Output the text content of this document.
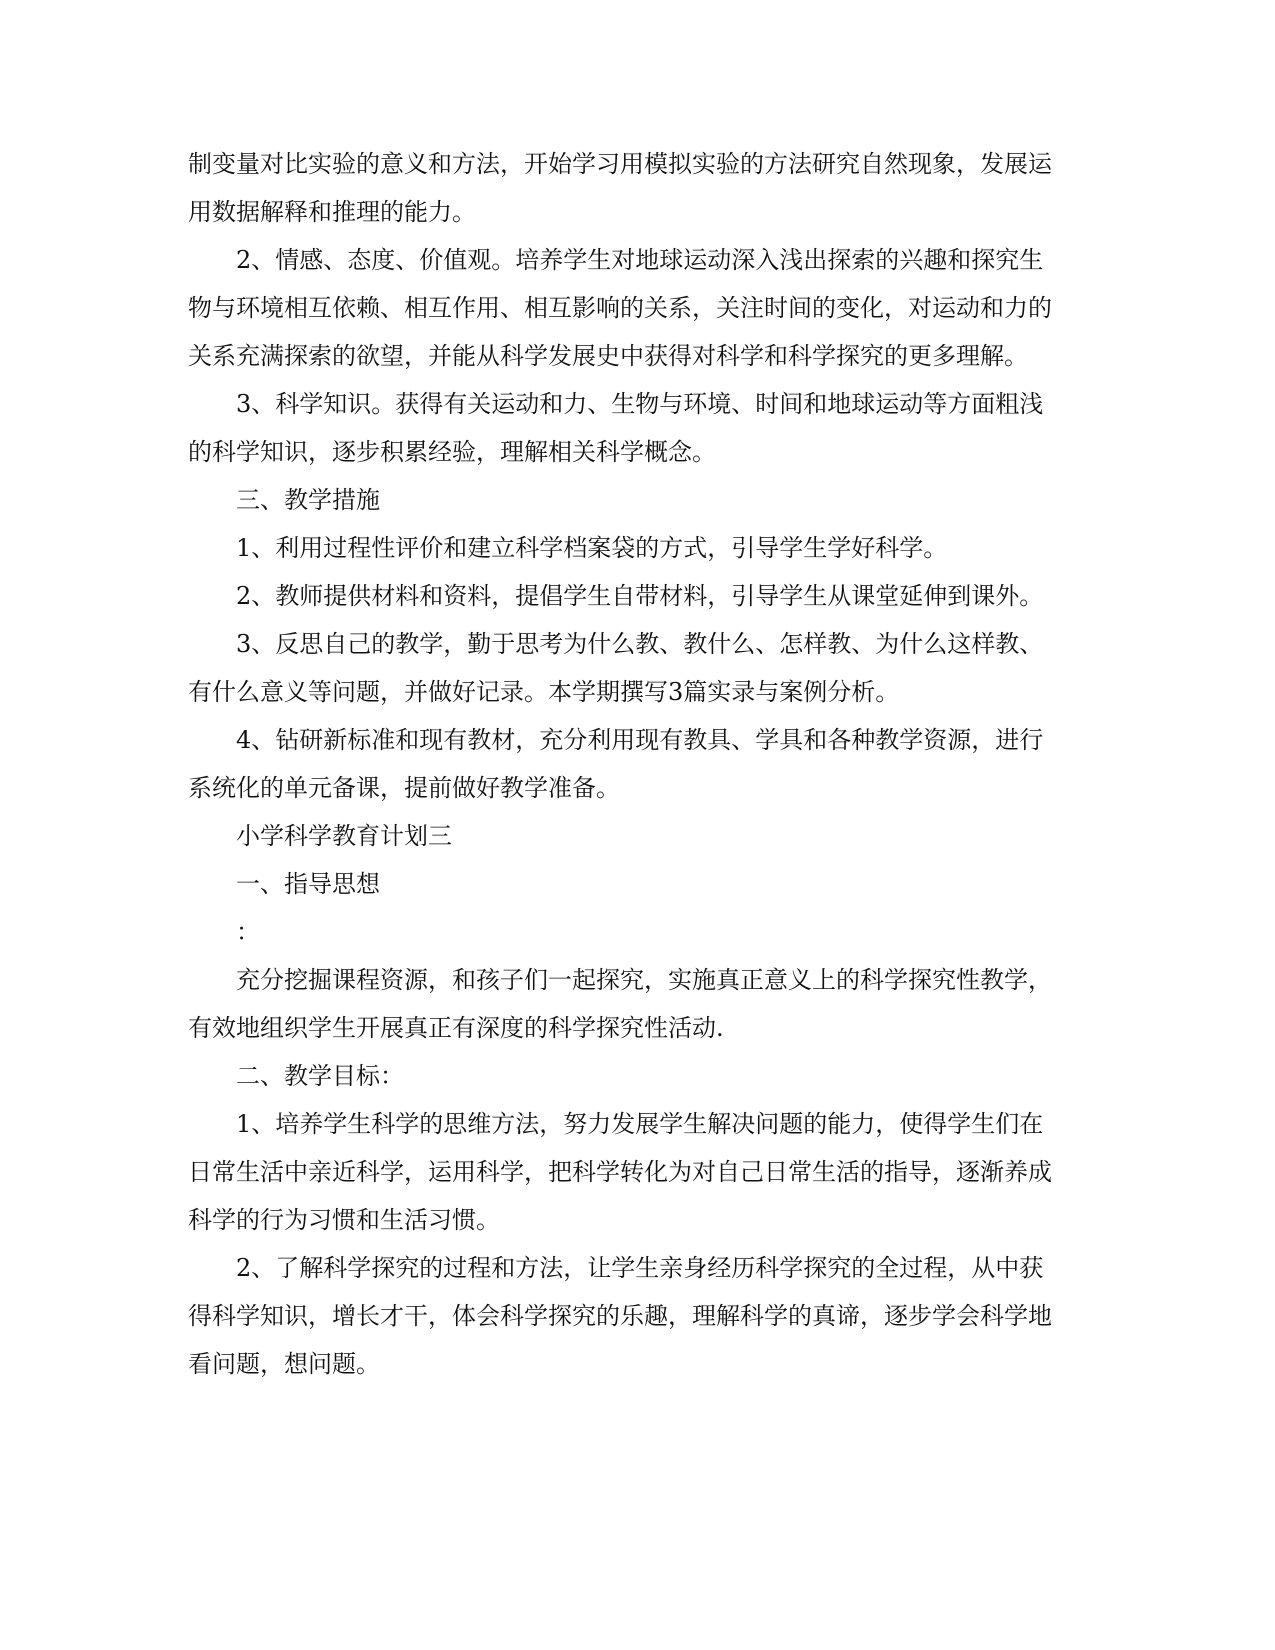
制变量对比实验的意义和方法，开始学习用模拟实验的方法研究自然现象，发展运
用数据解释和推理的能力。
2、情感、态度、价值观。培养学生对地球运动深入浅出探索的兴趣和探究生
物与环境相互依赖、相互作用、相互影响的关系，关注时间的变化，对运动和力的
关系充满探索的欲望，并能从科学发展史中获得对科学和科学探究的更多理解。
3、科学知识。获得有关运动和力、生物与环境、时间和地球运动等方面粗浅
的科学知识，逐步积累经验，理解相关科学概念。
三、教学措施
1、利用过程性评价和建立科学档案袋的方式，引导学生学好科学。
2、教师提供材料和资料，提倡学生自带材料，引导学生从课堂延伸到课外。
3、反思自己的教学，勤于思考为什么教、教什么、怎样教、为什么这样教、
有什么意义等问题，并做好记录。本学期撰写3篇实录与案例分析。
4、钻研新标准和现有教材，充分利用现有教具、学具和各种教学资源，进行
系统化的单元备课，提前做好教学准备。
小学科学教育计划三
一、指导思想
：
充分挖掘课程资源，和孩子们一起探究，实施真正意义上的科学探究性教学，
有效地组织学生开展真正有深度的科学探究性活动.
二、教学目标：
1、培养学生科学的思维方法，努力发展学生解决问题的能力，使得学生们在
日常生活中亲近科学，运用科学，把科学转化为对自己日常生活的指导，逐渐养成
科学的行为习惯和生活习惯。
2、了解科学探究的过程和方法，让学生亲身经历科学探究的全过程，从中获
得科学知识，增长才干，体会科学探究的乐趣，理解科学的真谛，逐步学会科学地
看问题，想问题。
